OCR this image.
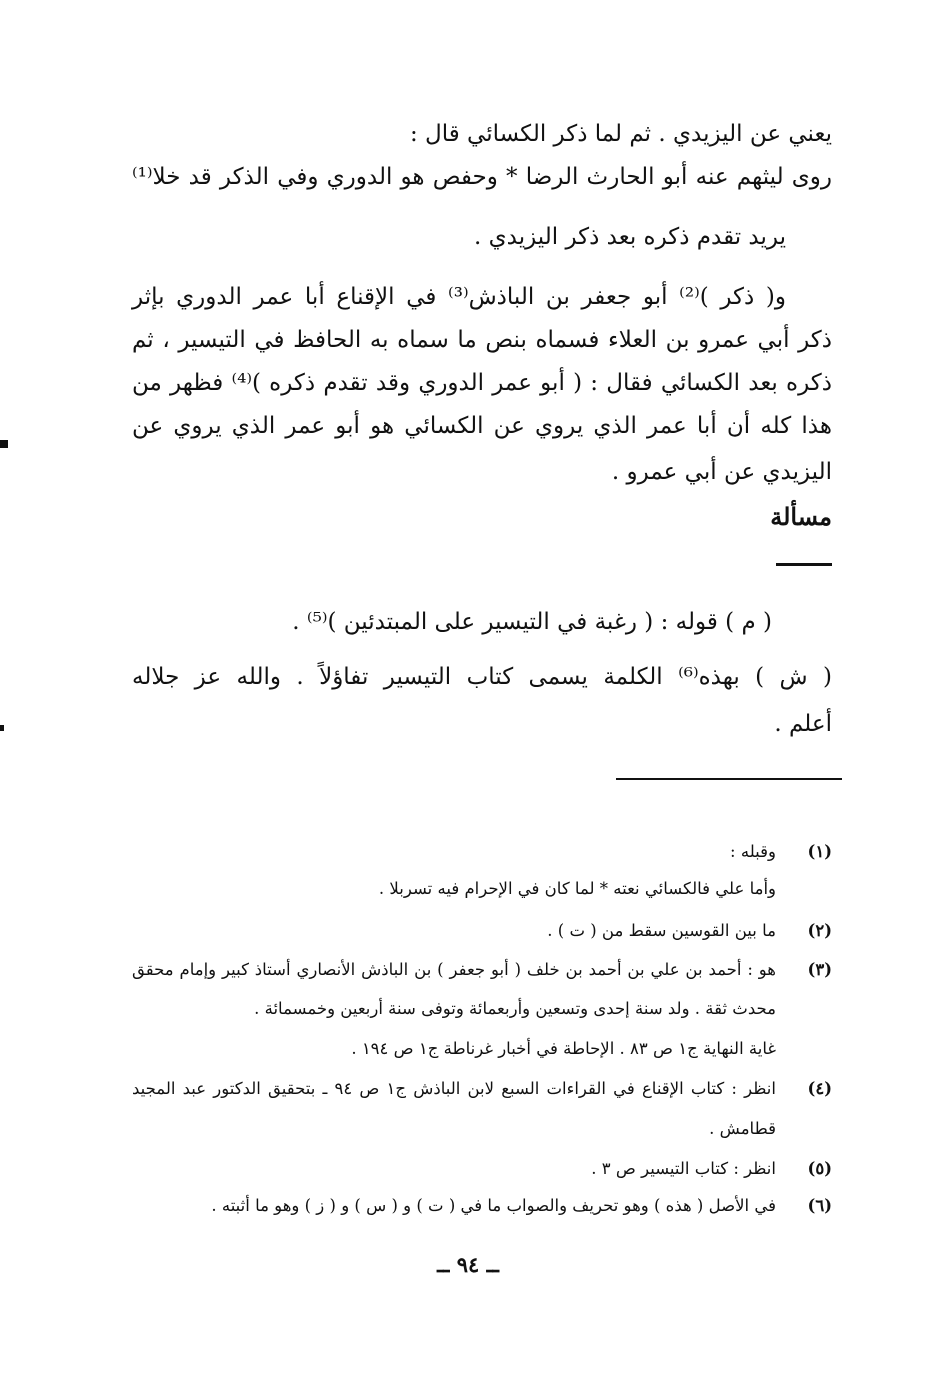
يعني عن اليزيدي . ثم لما ذكر الكسائي قال :
روى ليثهم عنه أبو الحارث الرضا * وحفص هو الدوري وفي الذكر قد خلا⁽¹⁾
يريد تقدم ذكره بعد ذكر اليزيدي .
و( ذكر )⁽²⁾ أبو جعفر بن الباذش⁽³⁾ في الإقناع أبا عمر الدوري بإثر
ذكر أبي عمرو بن العلاء فسماه بنص ما سماه به الحافظ في التيسير ، ثم
ذكره بعد الكسائي فقال : ( أبو عمر الدوري وقد تقدم ذكره )⁽⁴⁾ فظهر من
هذا كله أن أبا عمر الذي يروي عن الكسائي هو أبو عمر الذي يروي عن
اليزيدي عن أبي عمرو .
مسألة
( م ) قوله : ( رغبة في التيسير على المبتدئين )⁽⁵⁾ .
( ش ) بهذه⁽⁶⁾ الكلمة يسمى كتاب التيسير تفاؤلاً . والله عز جلاله
أعلم .
(١)
وقبله :
وأما علي فالكسائي نعته * لما كان في الإحرام فيه تسربلا .
(٢)
ما بين القوسين سقط من ( ت ) .
(٣)
هو : أحمد بن علي بن أحمد بن خلف ( أبو جعفر ) بن الباذش الأنصاري أستاذ كبير وإمام محقق
محدث ثقة . ولد سنة إحدى وتسعين وأربعمائة وتوفى سنة أربعين وخمسمائة .
غاية النهاية ج١ ص ٨٣ . الإحاطة في أخبار غرناطة ج١ ص ١٩٤ .
(٤)
انظر : كتاب الإقناع في القراءات السبع لابن الباذش ج١ ص ٩٤ ـ بتحقيق الدكتور عبد المجيد
قطامش .
(٥)
انظر : كتاب التيسير ص ٣ .
(٦)
في الأصل ( هذه ) وهو تحريف والصواب ما في ( ت ) و ( س ) و ( ز ) وهو ما أثبته .
ــ ٩٤ ــ
